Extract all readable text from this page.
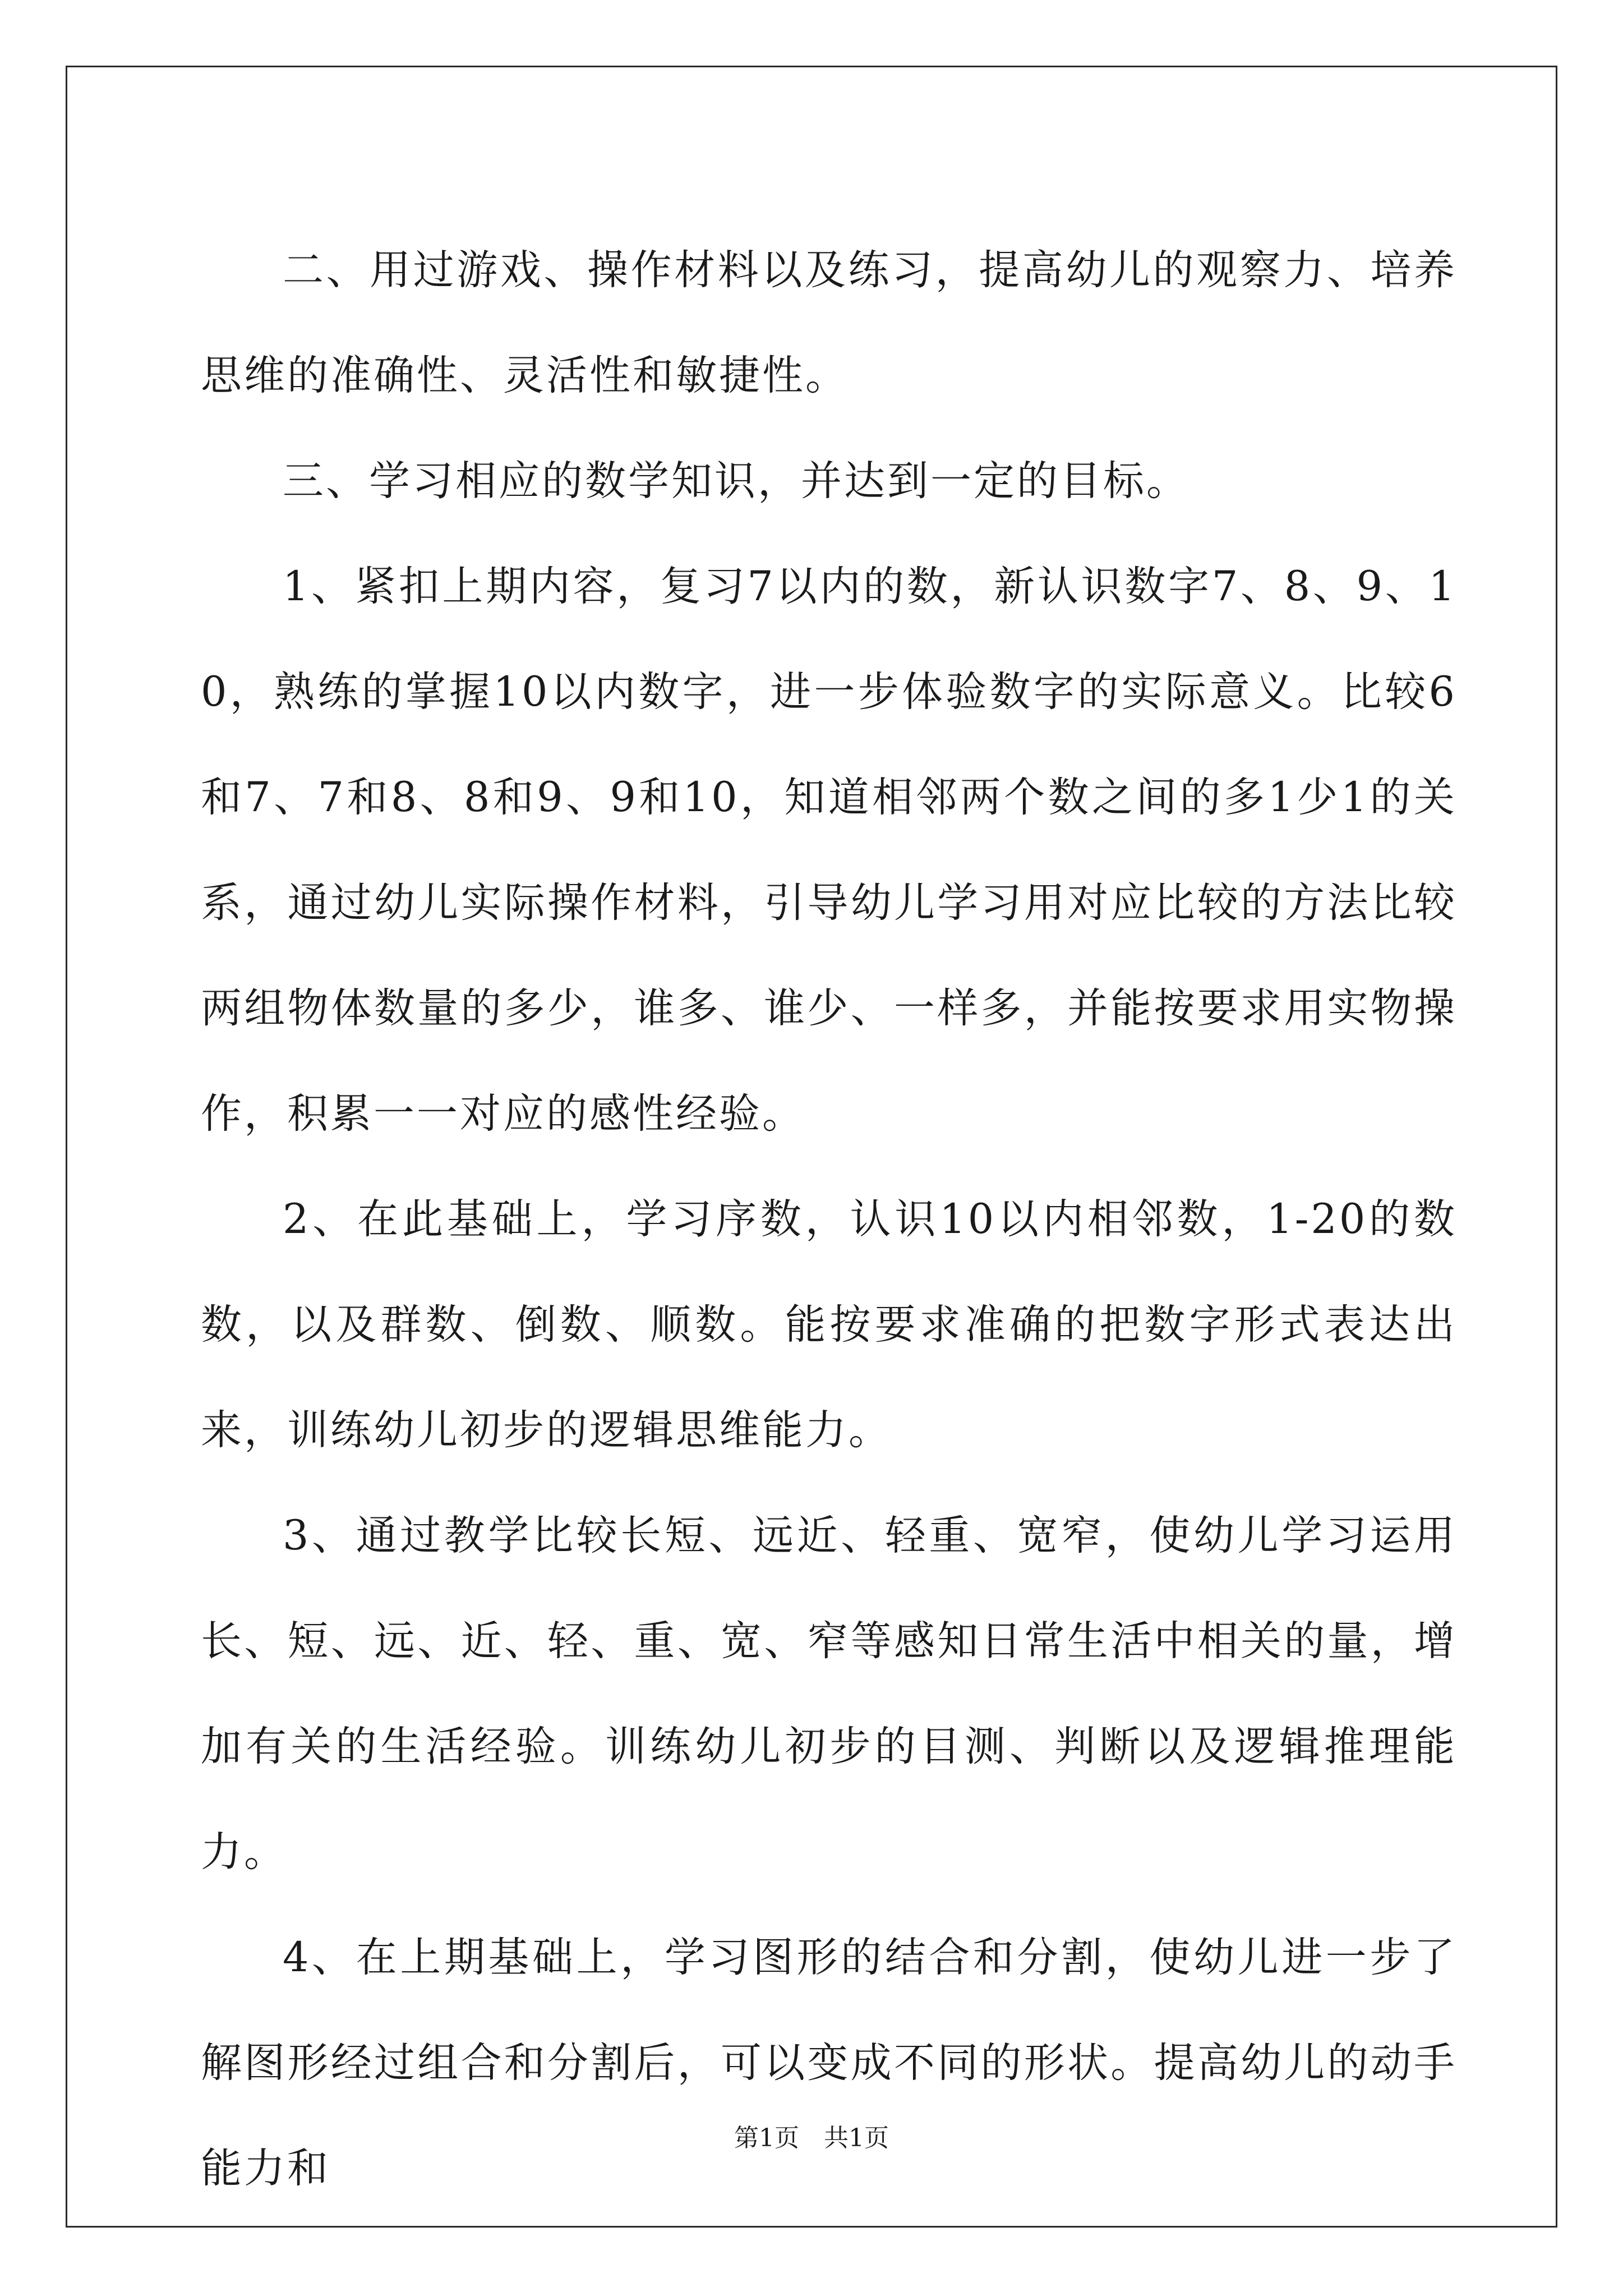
二、用过游戏、操作材料以及练习，提高幼儿的观察力、培养思维的准确性、灵活性和敏捷性。

三、学习相应的数学知识，并达到一定的目标。

1、紧扣上期内容，复习7以内的数，新认识数字7、8、9、10，熟练的掌握10以内数字，进一步体验数字的实际意义。比较6和7、7和8、8和9、9和10，知道相邻两个数之间的多1少1的关系，通过幼儿实际操作材料，引导幼儿学习用对应比较的方法比较两组物体数量的多少，谁多、谁少、一样多，并能按要求用实物操作，积累一一对应的感性经验。

2、在此基础上，学习序数，认识10以内相邻数，1-20的数数，以及群数、倒数、顺数。能按要求准确的把数字形式表达出来，训练幼儿初步的逻辑思维能力。

3、通过教学比较长短、远近、轻重、宽窄，使幼儿学习运用长、短、远、近、轻、重、宽、窄等感知日常生活中相关的量，增加有关的生活经验。训练幼儿初步的目测、判断以及逻辑推理能力。

4、在上期基础上，学习图形的结合和分割，使幼儿进一步了解图形经过组合和分割后，可以变成不同的形状。提高幼儿的动手能力和

第1页　共1页
